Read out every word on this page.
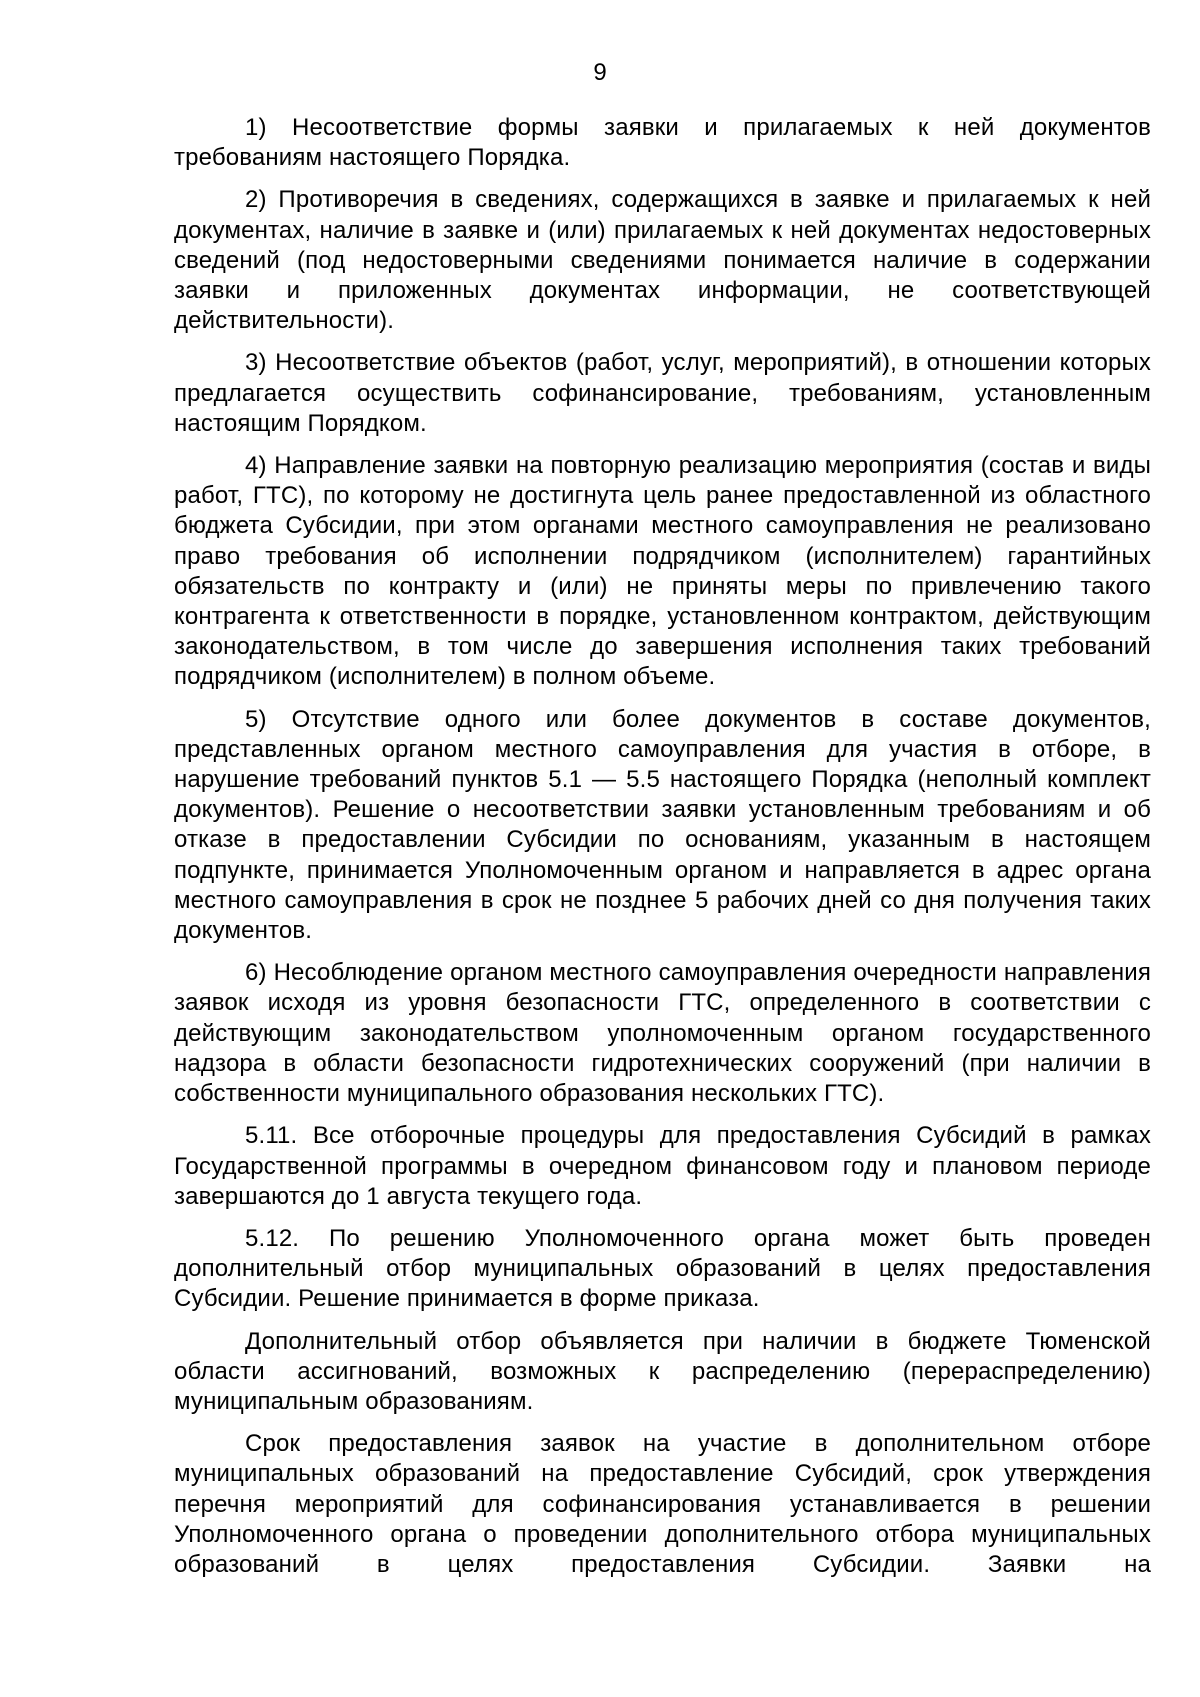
9

1) Несоответствие формы заявки и прилагаемых к ней документов требованиям настоящего Порядка.

2) Противоречия в сведениях, содержащихся в заявке и прилагаемых к ней документах, наличие в заявке и (или) прилагаемых к ней документах недостоверных сведений (под недостоверными сведениями понимается наличие в содержании заявки и приложенных документах информации, не соответствующей действительности).

3) Несоответствие объектов (работ, услуг, мероприятий), в отношении которых предлагается осуществить софинансирование, требованиям, установленным настоящим Порядком.

4) Направление заявки на повторную реализацию мероприятия (состав и виды работ, ГТС), по которому не достигнута цель ранее предоставленной из областного бюджета Субсидии, при этом органами местного самоуправления не реализовано право требования об исполнении подрядчиком (исполнителем) гарантийных обязательств по контракту и (или) не приняты меры по привлечению такого контрагента к ответственности в порядке, установленном контрактом, действующим законодательством, в том числе до завершения исполнения таких требований подрядчиком (исполнителем) в полном объеме.

5) Отсутствие одного или более документов в составе документов, представленных органом местного самоуправления для участия в отборе, в нарушение требований пунктов 5.1 — 5.5 настоящего Порядка (неполный комплект документов). Решение о несоответствии заявки установленным требованиям и об отказе в предоставлении Субсидии по основаниям, указанным в настоящем подпункте, принимается Уполномоченным органом и направляется в адрес органа местного самоуправления в срок не позднее 5 рабочих дней со дня получения таких документов.

6) Несоблюдение органом местного самоуправления очередности направления заявок исходя из уровня безопасности ГТС, определенного в соответствии с действующим законодательством уполномоченным органом государственного надзора в области безопасности гидротехнических сооружений (при наличии в собственности муниципального образования нескольких ГТС).

5.11. Все отборочные процедуры для предоставления Субсидий в рамках Государственной программы в очередном финансовом году и плановом периоде завершаются до 1 августа текущего года.

5.12. По решению Уполномоченного органа может быть проведен дополнительный отбор муниципальных образований в целях предоставления Субсидии. Решение принимается в форме приказа.

Дополнительный отбор объявляется при наличии в бюджете Тюменской области ассигнований, возможных к распределению (перераспределению) муниципальным образованиям.

Срок предоставления заявок на участие в дополнительном отборе муниципальных образований на предоставление Субсидий, срок утверждения перечня мероприятий для софинансирования устанавливается в решении Уполномоченного органа о проведении дополнительного отбора муниципальных образований в целях предоставления Субсидии. Заявки на
